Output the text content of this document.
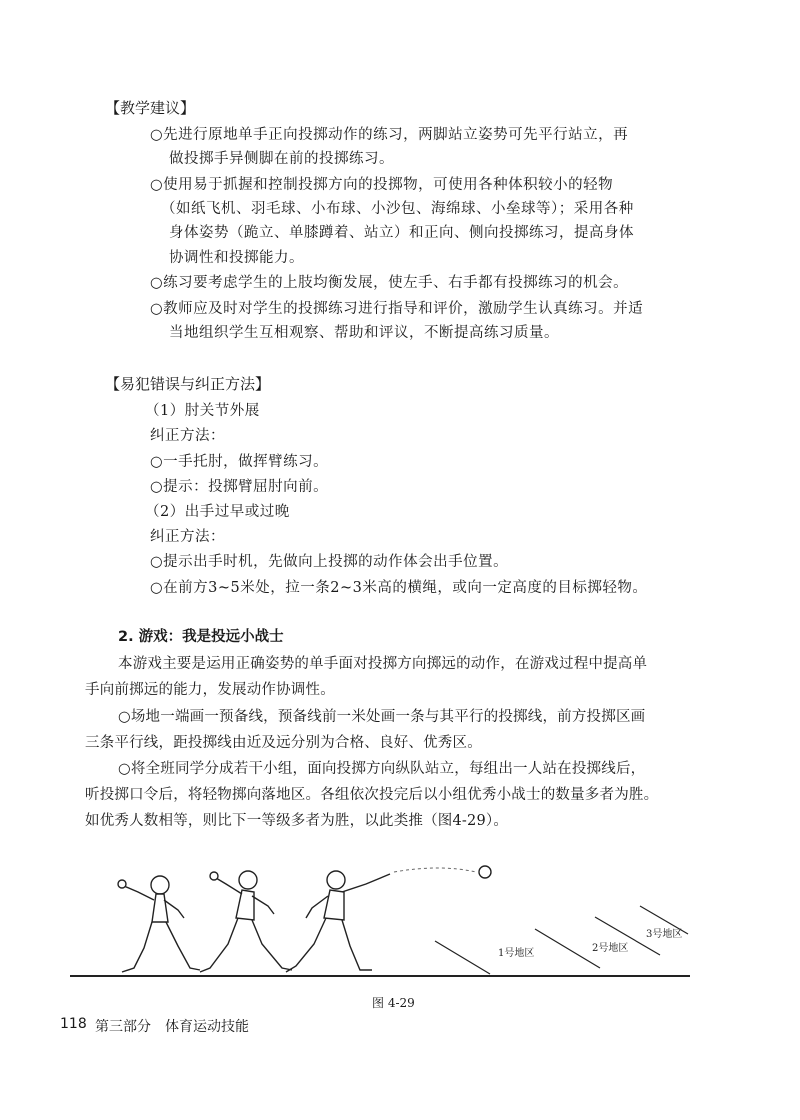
【教学建议】
○先进行原地单手正向投掷动作的练习，两脚站立姿势可先平行站立，再
做投掷手异侧脚在前的投掷练习。
○使用易于抓握和控制投掷方向的投掷物，可使用各种体积较小的轻物
（如纸飞机、羽毛球、小布球、小沙包、海绵球、小垒球等）；采用各种
身体姿势（跪立、单膝蹲着、站立）和正向、侧向投掷练习，提高身体
协调性和投掷能力。
○练习要考虑学生的上肢均衡发展，使左手、右手都有投掷练习的机会。
○教师应及时对学生的投掷练习进行指导和评价，激励学生认真练习。并适
当地组织学生互相观察、帮助和评议，不断提高练习质量。
【易犯错误与纠正方法】
（1）肘关节外展
纠正方法：
○一手托肘，做挥臂练习。
○提示：投掷臂屈肘向前。
（2）出手过早或过晚
纠正方法：
○提示出手时机，先做向上投掷的动作体会出手位置。
○在前方3~5米处，拉一条2~3米高的横绳，或向一定高度的目标掷轻物。
2. 游戏：我是投远小战士
本游戏主要是运用正确姿势的单手面对投掷方向掷远的动作，在游戏过程中提高单
手向前掷远的能力，发展动作协调性。
○场地一端画一预备线，预备线前一米处画一条与其平行的投掷线，前方投掷区画
三条平行线，距投掷线由近及远分别为合格、良好、优秀区。
○将全班同学分成若干小组，面向投掷方向纵队站立，每组出一人站在投掷线后，
听投掷口令后，将轻物掷向落地区。各组依次投完后以小组优秀小战士的数量多者为胜。
如优秀人数相等，则比下一等级多者为胜，以此类推（图4-29）。
1号地区	2号地区
3号地区
图 4-29
118 第三部分　体育运动技能
